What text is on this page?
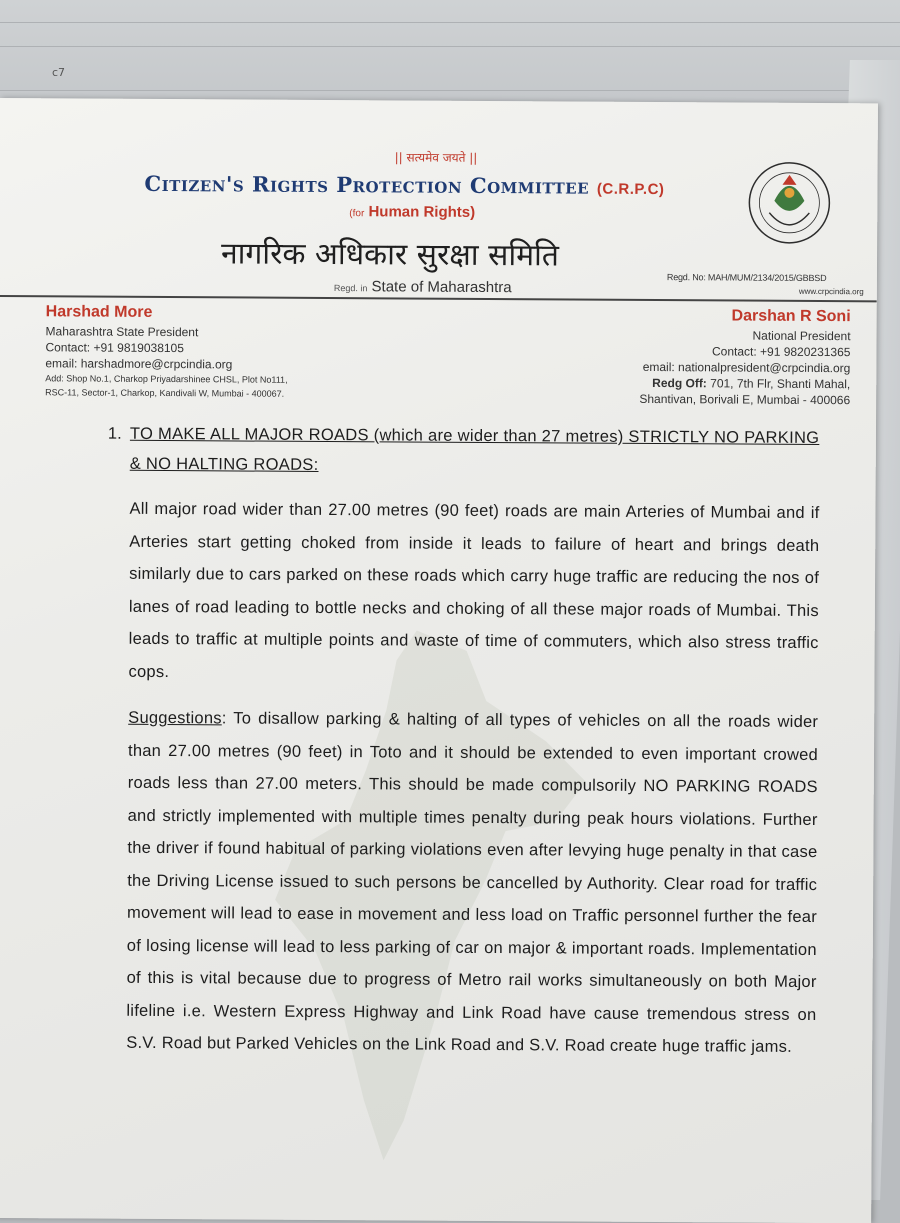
c7
|| सत्यमेव जयते ||
Citizen's Rights Protection Committee (C.R.P.C)
(for Human Rights)
नागरिक अधिकार सुरक्षा समिति
Regd. in State of Maharashtra
Regd. No: MAH/MUM/2134/2015/GBBSD
www.crpcindia.org
Harshad More
Maharashtra State President
Contact: +91 9819038105
email: harshadmore@crpcindia.org
Add: Shop No.1, Charkop Priyadarshinee CHSL, Plot No111,
RSC-11, Sector-1, Charkop, Kandivali W, Mumbai - 400067.
Darshan R Soni
National President
Contact: +91 9820231365
email: nationalpresident@crpcindia.org
Redg Off: 701, 7th Flr, Shanti Mahal,
Shantivan, Borivali E, Mumbai - 400066
1. TO MAKE ALL MAJOR ROADS (which are wider than 27 metres) STRICTLY NO PARKING & NO HALTING ROADS:

All major road wider than 27.00 metres (90 feet) roads are main Arteries of Mumbai and if Arteries start getting choked from inside it leads to failure of heart and brings death similarly due to cars parked on these roads which carry huge traffic are reducing the nos of lanes of road leading to bottle necks and choking of all these major roads of Mumbai. This leads to traffic at multiple points and waste of time of commuters, which also stress traffic cops.

Suggestions: To disallow parking & halting of all types of vehicles on all the roads wider than 27.00 metres (90 feet) in Toto and it should be extended to even important crowed roads less than 27.00 meters. This should be made compulsorily NO PARKING ROADS and strictly implemented with multiple times penalty during peak hours violations. Further the driver if found habitual of parking violations even after levying huge penalty in that case the Driving License issued to such persons be cancelled by Authority. Clear road for traffic movement will lead to ease in movement and less load on Traffic personnel further the fear of losing license will lead to less parking of car on major & important roads. Implementation of this is vital because due to progress of Metro rail works simultaneously on both Major lifeline i.e. Western Express Highway and Link Road have cause tremendous stress on S.V. Road but Parked Vehicles on the Link Road and S.V. Road create huge traffic jams.
